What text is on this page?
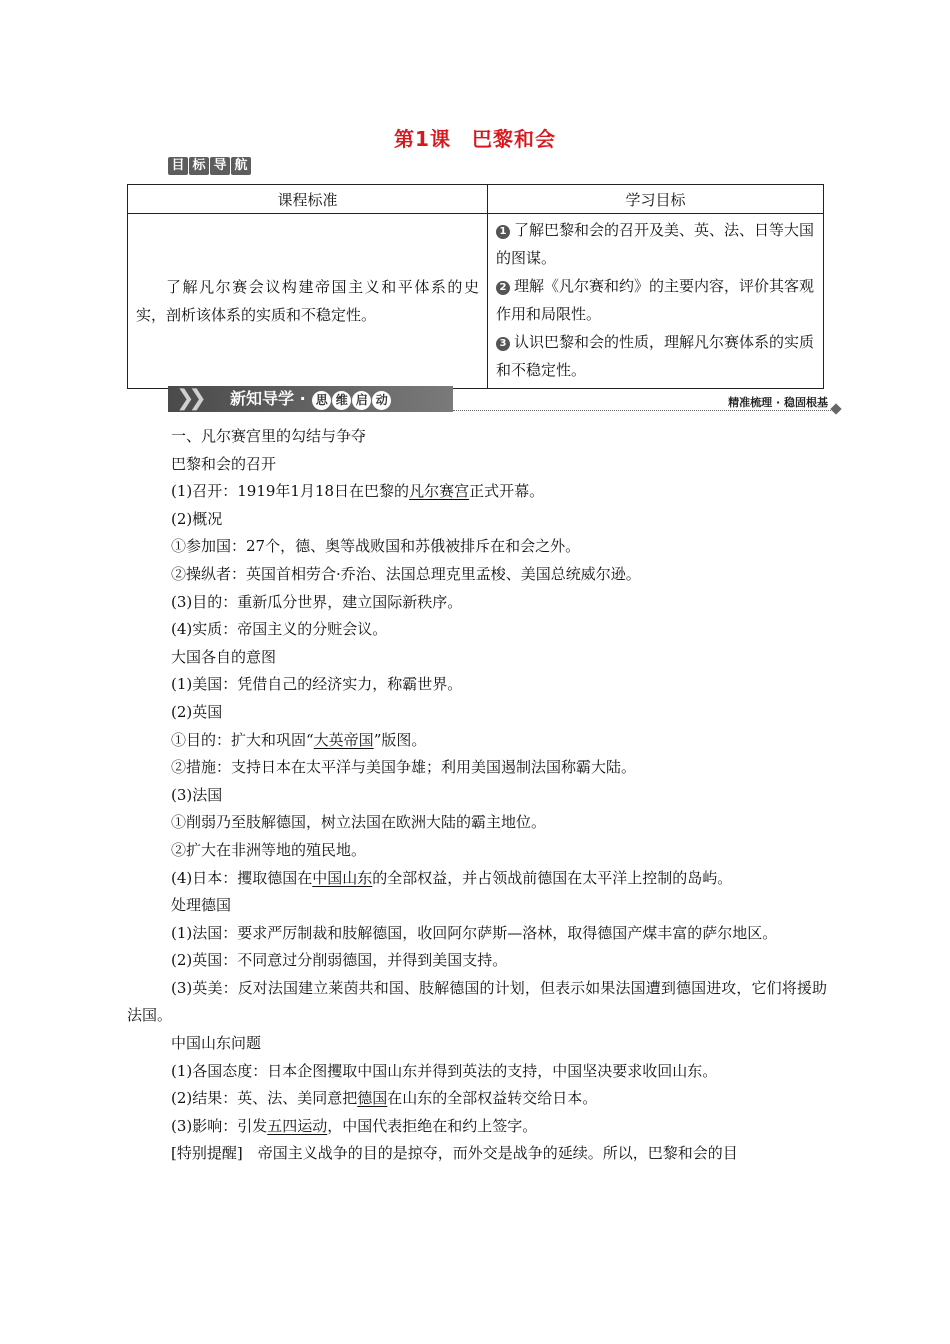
第1课　巴黎和会
目 标 导 航
课程标准	学习目标

了解凡尔赛会议构建帝国主义和平体系的史实，剖析该体系的实质和不稳定性。	1 了解巴黎和会的召开及美、英、法、日等大国的图谋。
2 理解《凡尔赛和约》的主要内容，评价其客观作用和局限性。
3 认识巴黎和会的性质，理解凡尔赛体系的实质和不稳定性。
❯❯ 新知导学 · 思 维 启 动	精准梳理 · 稳固根基

一、凡尔赛宫里的勾结与争夺

巴黎和会的召开

(1)召开：1919年1月18日在巴黎的凡尔赛宫正式开幕。

(2)概况

①参加国：27个，德、奥等战败国和苏俄被排斥在和会之外。

②操纵者：英国首相劳合·乔治、法国总理克里孟梭、美国总统威尔逊。

(3)目的：重新瓜分世界，建立国际新秩序。

(4)实质：帝国主义的分赃会议。

大国各自的意图

(1)美国：凭借自己的经济实力，称霸世界。

(2)英国

①目的：扩大和巩固“大英帝国”版图。

②措施：支持日本在太平洋与美国争雄；利用美国遏制法国称霸大陆。

(3)法国

①削弱乃至肢解德国，树立法国在欧洲大陆的霸主地位。

②扩大在非洲等地的殖民地。

(4)日本：攫取德国在中国山东的全部权益，并占领战前德国在太平洋上控制的岛屿。

处理德国

(1)法国：要求严厉制裁和肢解德国，收回阿尔萨斯—洛林，取得德国产煤丰富的萨尔地区。

(2)英国：不同意过分削弱德国，并得到美国支持。

(3)英美：反对法国建立莱茵共和国、肢解德国的计划，但表示如果法国遭到德国进攻，它们将援助法国。

中国山东问题

(1)各国态度：日本企图攫取中国山东并得到英法的支持，中国坚决要求收回山东。

(2)结果：英、法、美同意把德国在山东的全部权益转交给日本。

(3)影响：引发五四运动，中国代表拒绝在和约上签字。

[特别提醒]　帝国主义战争的目的是掠夺，而外交是战争的延续。所以，巴黎和会的目
